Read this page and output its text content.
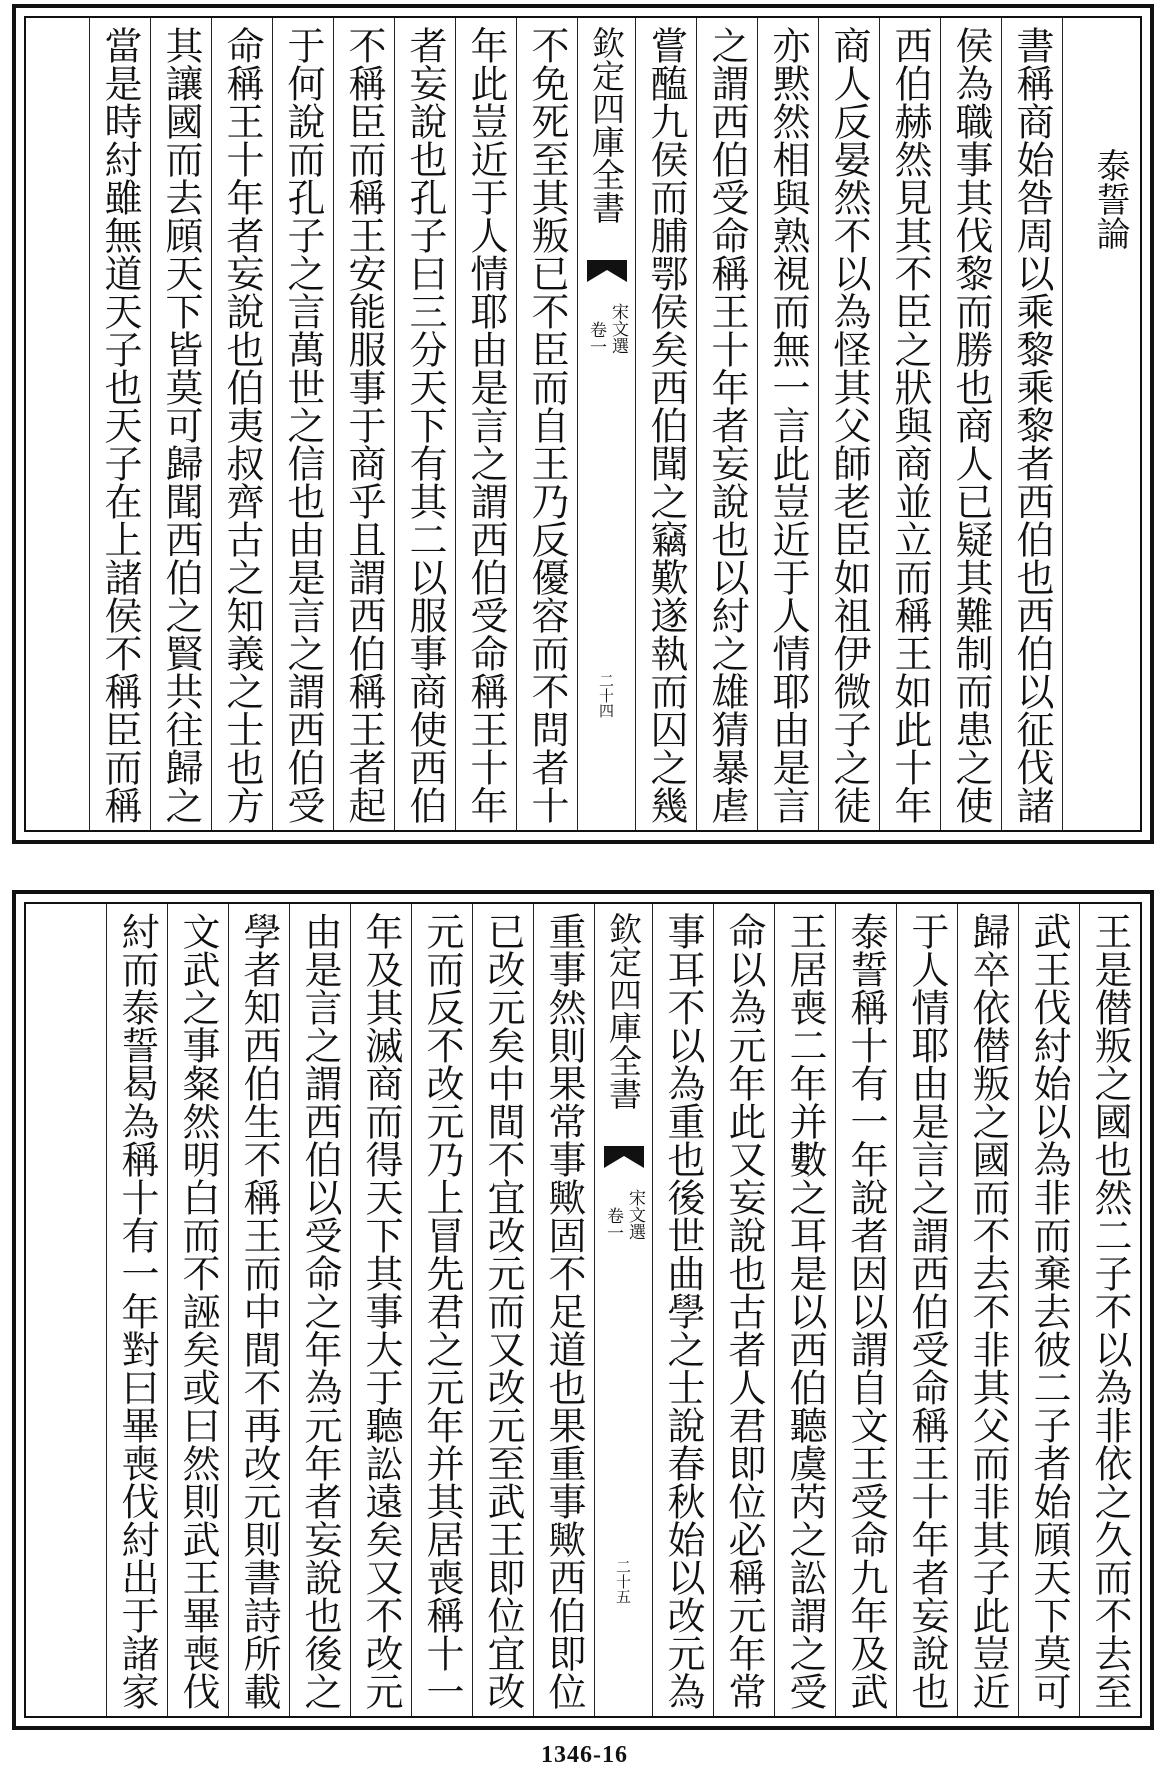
泰誓論
書稱商始咎周以乘黎乘黎者西伯也西伯以征伐諸
侯為職事其伐黎而勝也商人已疑其難制而患之使
西伯赫然見其不臣之狀與商並立而稱王如此十年
商人反晏然不以為怪其父師老臣如祖伊微子之徒
亦黙然相與熟視而無一言此豈近于人情耶由是言
之謂西伯受命稱王十年者妄說也以紂之雄猜暴虐
嘗醢九侯而脯鄂侯矣西伯聞之竊歎遂執而囚之幾
欽定四庫全書
宋文選
卷一
二十四
不免死至其叛已不臣而自王乃反優容而不問者十
年此豈近于人情耶由是言之謂西伯受命稱王十年
者妄說也孔子曰三分天下有其二以服事商使西伯
不稱臣而稱王安能服事于商乎且謂西伯稱王者起
于何說而孔子之言萬世之信也由是言之謂西伯受
命稱王十年者妄說也伯夷叔齊古之知義之士也方
其讓國而去頋天下皆莫可歸聞西伯之賢共往歸之
當是時紂雖無道天子也天子在上諸侯不稱臣而稱
王是僣叛之國也然二子不以為非依之久而不去至
武王伐紂始以為非而棄去彼二子者始頋天下莫可
歸卒依僣叛之國而不去不非其父而非其子此豈近
于人情耶由是言之謂西伯受命稱王十年者妄說也
泰誓稱十有一年說者因以謂自文王受命九年及武
王居喪二年并數之耳是以西伯聽虞芮之訟謂之受
命以為元年此又妄說也古者人君即位必稱元年常
事耳不以為重也後世曲學之士說春秋始以改元為
欽定四庫全書
宋文選
卷一
二十五
重事然則果常事歟固不足道也果重事歟西伯即位
已改元矣中間不宜改元而又改元至武王即位宜改
元而反不改元乃上冒先君之元年并其居喪稱十一
年及其滅商而得天下其事大于聽訟遠矣又不改元
由是言之謂西伯以受命之年為元年者妄說也後之
學者知西伯生不稱王而中間不再改元則書詩所載
文武之事粲然明白而不誣矣或曰然則武王畢喪伐
紂而泰誓曷為稱十有一年對曰畢喪伐紂出于諸家
1346-16
